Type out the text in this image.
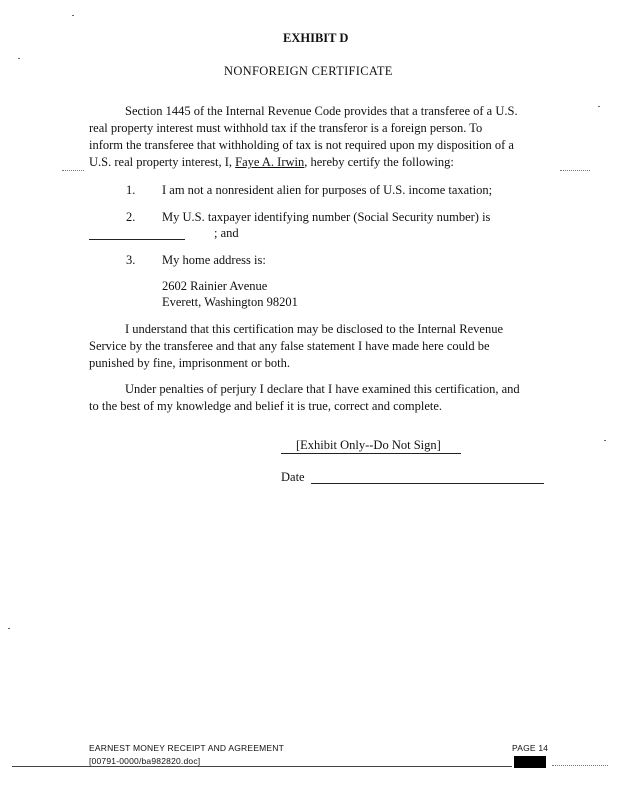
EXHIBIT D
NONFOREIGN CERTIFICATE
Section 1445 of the Internal Revenue Code provides that a transferee of a U.S.
real property interest must withhold tax if the transferor is a foreign person. To
inform the transferee that withholding of tax is not required upon my disposition of a
U.S. real property interest, I, Faye A. Irwin, hereby certify the following:
1. I am not a nonresident alien for purposes of U.S. income taxation;
2. My U.S. taxpayer identifying number (Social Security number) is
; and
3. My home address is:
2602 Rainier Avenue
Everett, Washington 98201
I understand that this certification may be disclosed to the Internal Revenue
Service by the transferee and that any false statement I have made here could be
punished by fine, imprisonment or both.
Under penalties of perjury I declare that I have examined this certification, and
to the best of my knowledge and belief it is true, correct and complete.
[Exhibit Only--Do Not Sign]
Date
EARNEST MONEY RECEIPT AND AGREEMENT	PAGE 14
[00791-0000/ba982820.doc]
